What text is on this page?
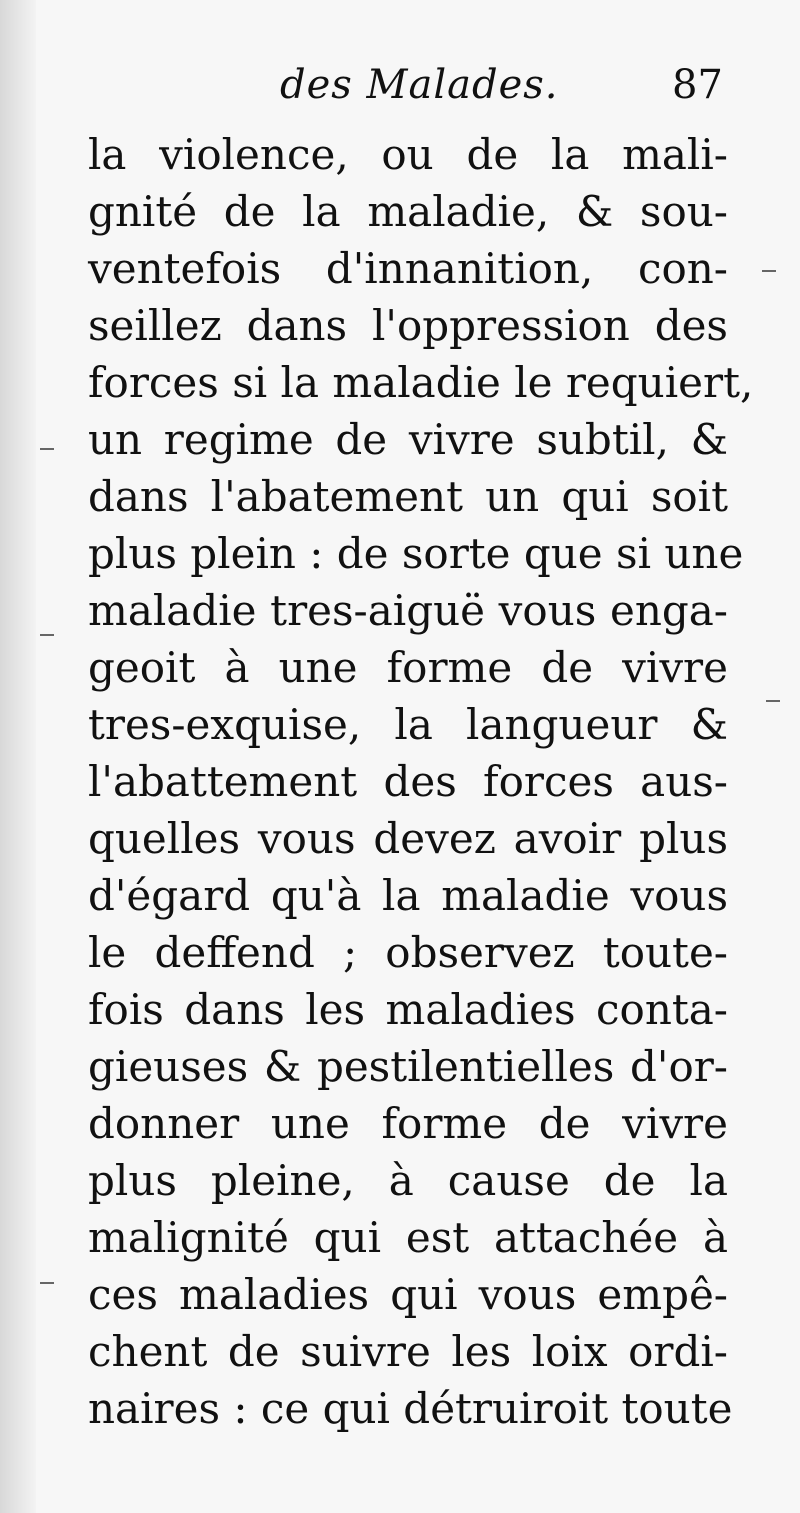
des Malades.	87
la violence, ou de la mali-
gnité de la maladie, & sou-
ventefois d'innanition, con-
seillez dans l'oppression des
forces si la maladie le requiert,
un regime de vivre subtil, &
dans l'abatement un qui soit
plus plein : de sorte que si une
maladie tres-aiguë vous enga-
geoit à une forme de vivre
tres-exquise, la langueur &
l'abattement des forces aus-
quelles vous devez avoir plus
d'égard qu'à la maladie vous
le deffend ; observez toute-
fois dans les maladies conta-
gieuses & pestilentielles d'or-
donner une forme de vivre
plus pleine, à cause de la
malignité qui est attachée à
ces maladies qui vous empê-
chent de suivre les loix ordi-
naires : ce qui détruiroit toute
